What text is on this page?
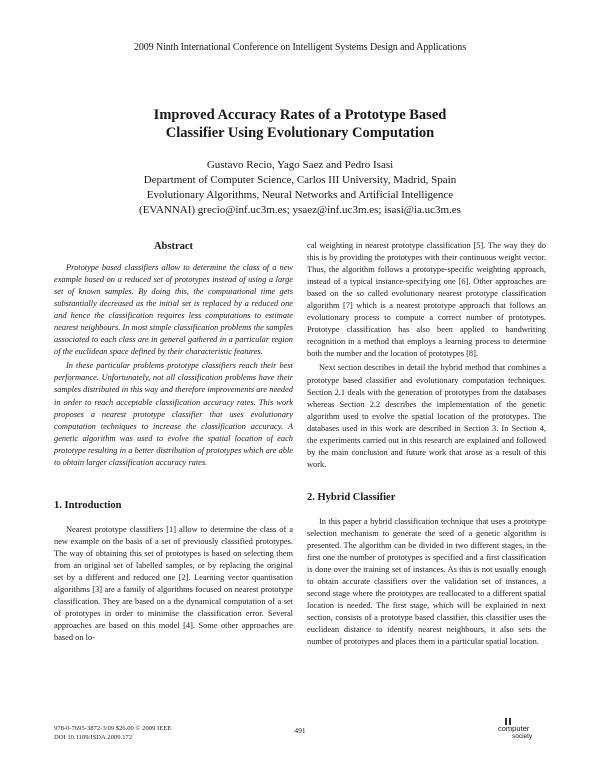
2009 Ninth International Conference on Intelligent Systems Design and Applications
Improved Accuracy Rates of a Prototype Based
Classifier Using Evolutionary Computation
Gustavo Recio, Yago Saez and Pedro Isasi
Department of Computer Science, Carlos III University, Madrid, Spain
Evolutionary Algorithms, Neural Networks and Artificial Intelligence
(EVANNAI) grecio@inf.uc3m.es; ysaez@inf.uc3m.es; isasi@ia.uc3m.es
Abstract

Prototype based classifiers allow to determine the class of a new example based on a reduced set of prototypes instead of using a large set of known samples. By doing this, the computational time gets substantially decreased as the initial set is replaced by a reduced one and hence the classification requires less computations to estimate nearest neighbours. In most simple classification problems the samples associated to each class are in general gathered in a particular region of the euclidean space defined by their characteristic features.

In these particular problems prototype classifiers reach their best performance. Unfortunately, not all classification problems have their samples distributed in this way and therefore improvements are needed in order to reach acceptable classification accuracy rates. This work proposes a nearest prototype classifier that uses evolutionary computation techniques to increase the classification accuracy. A genetic algorithm was used to evolve the spatial location of each prototype resulting in a better distribution of prototypes which are able to obtain larger classification accuracy rates.

1. Introduction

Nearest prototype classifiers [1] allow to determine the class of a new example on the basis of a set of previously classified prototypes. The way of obtaining this set of prototypes is based on selecting them from an original set of labelled samples, or by replacing the original set by a different and reduced one [2]. Learning vector quantisation algorithms [3] are a family of algorithms focused on nearest prototype classification. They are based on a the dynamical computation of a set of prototypes in order to minimise the classification error. Several approaches are based on this model [4]. Some other approaches are based on lo-

cal weighting in nearest prototype classification [5]. The way they do this is by providing the prototypes with their continuous weight vector. Thus, the algorithm follows a prototype-specific weighting approach, instead of a typical instance-specifying one [6]. Other approaches are based on the so called evolutionary nearest prototype classification algorithm [7] which is a nearest prototype approach that follows an evolutionary process to compute a correct number of prototypes. Prototype classification has also been applied to handwriting recognition in a method that employs a learning process to determine both the number and the location of prototypes [8].

Next section describes in detail the hybrid method that combines a prototype based classifier and evolutionary computation techniques. Section 2.1 deals with the generation of prototypes from the databases whereas Section 2.2 describes the implementation of the genetic algorithm used to evolve the spatial location of the prototypes. The databases used in this work are described in Section 3. In Section 4, the experiments carried out in this research are explained and followed by the main conclusion and future work that arose as a result of this work.

2. Hybrid Classifier

In this paper a hybrid classification technique that uses a prototype selection mechanism to generate the seed of a genetic algorithm is presented. The algorithm can be divided in two different stages, in the first one the number of prototypes is specified and a first classification is done over the training set of instances. As this is not usually enough to obtain accurate classifiers over the validation set of instances, a second stage where the prototypes are reallocated to a different spatial location is needed. The first stage, which will be explained in next section, consists of a prototype based classifier, this classifier uses the euclidean distance to identify nearest neighbours, it also sets the number of prototypes and places them in a particular spatial location.

978-0-7695-3872-3/09 $26.00 © 2009 IEEE
DOI 10.1109/ISDA.2009.172
491	computer
society
